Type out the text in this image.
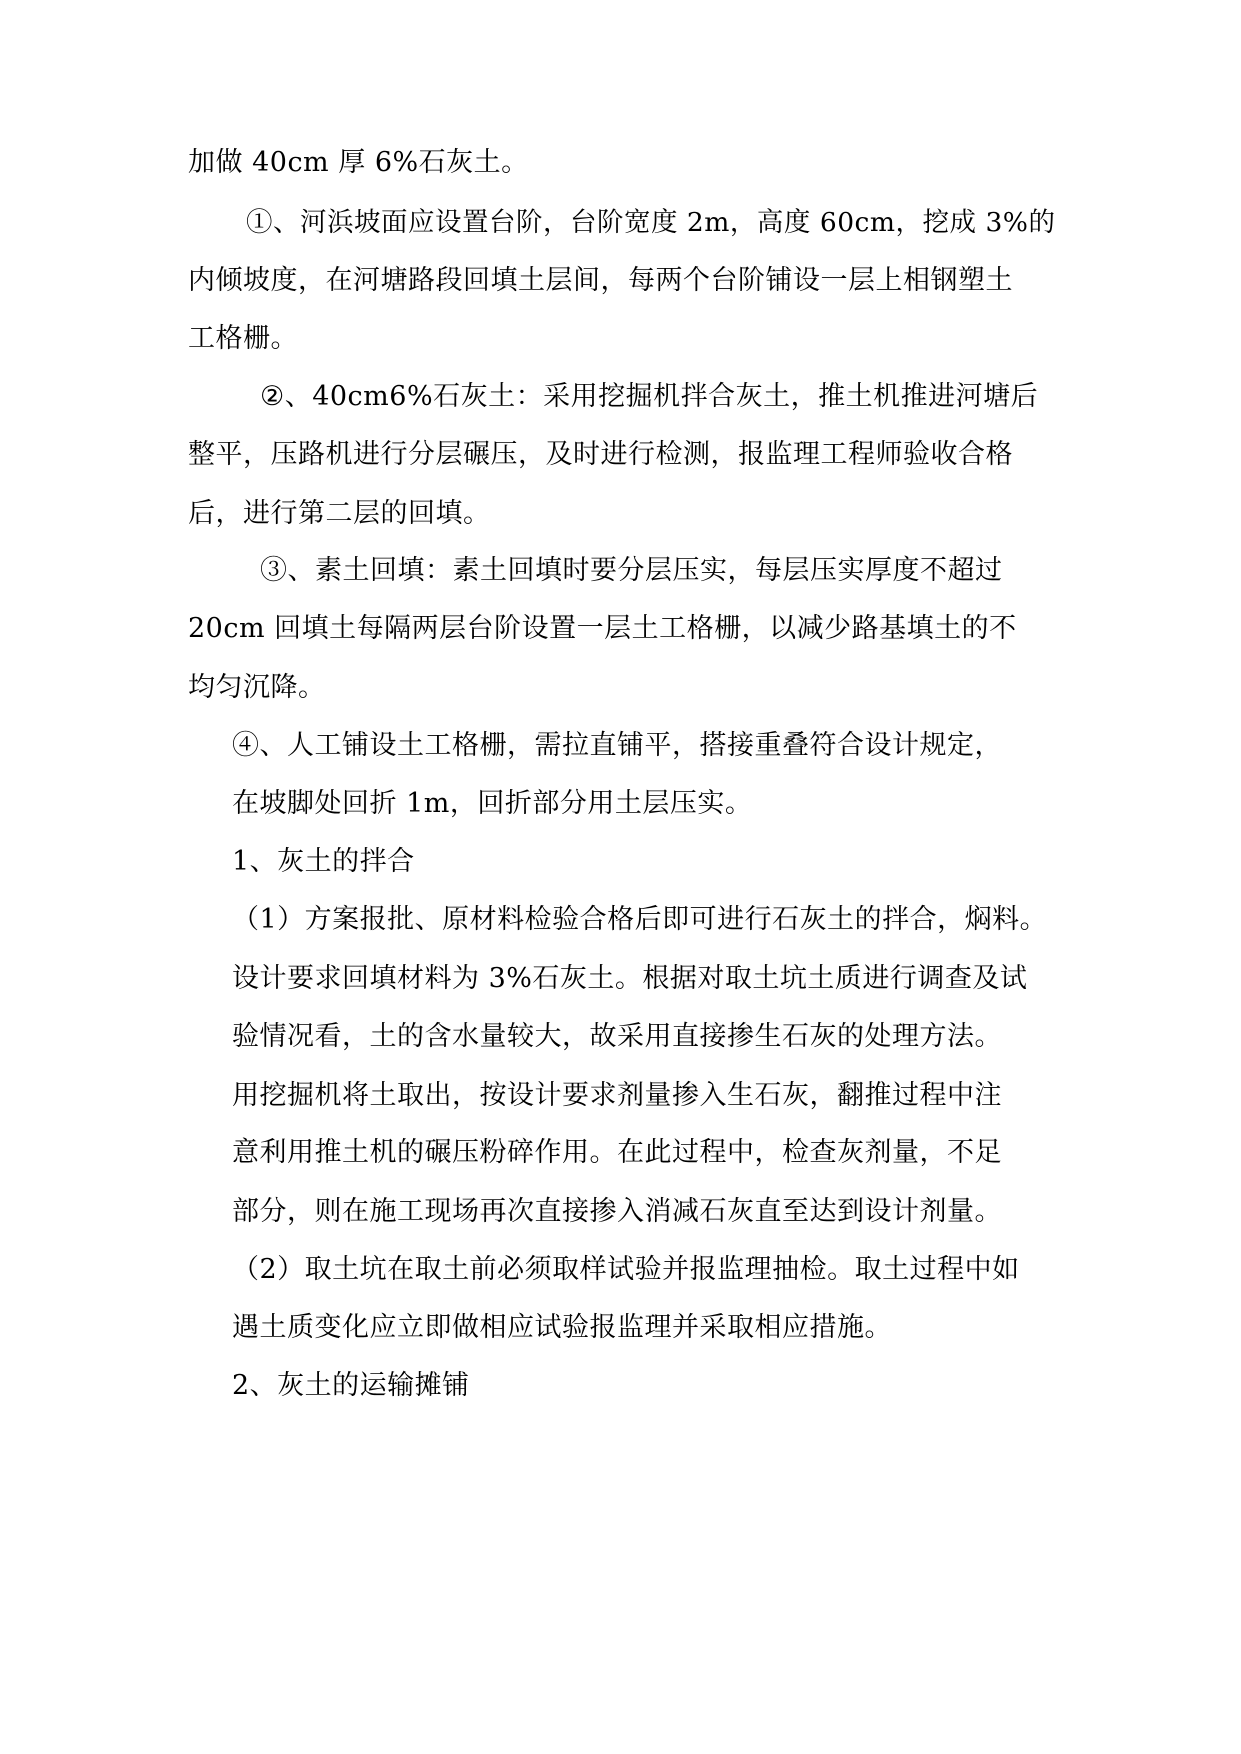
加做 40cm 厚 6%石灰土。
①、河浜坡面应设置台阶，台阶宽度 2m，高度 60cm，挖成 3%的
内倾坡度，在河塘路段回填土层间，每两个台阶铺设一层上相钢塑土
工格栅。
②、40cm6%石灰土：采用挖掘机拌合灰土，推土机推进河塘后
整平，压路机进行分层碾压，及时进行检测，报监理工程师验收合格
后，进行第二层的回填。
③、素土回填：素土回填时要分层压实，每层压实厚度不超过
20cm 回填土每隔两层台阶设置一层土工格栅，以减少路基填土的不
均匀沉降。
④、人工铺设土工格栅，需拉直铺平，搭接重叠符合设计规定，
在坡脚处回折 1m，回折部分用土层压实。
1、灰土的拌合
（1）方案报批、原材料检验合格后即可进行石灰土的拌合，焖料。
设计要求回填材料为 3%石灰土。根据对取土坑土质进行调查及试
验情况看，土的含水量较大，故采用直接掺生石灰的处理方法。
用挖掘机将土取出，按设计要求剂量掺入生石灰，翻推过程中注
意利用推土机的碾压粉碎作用。在此过程中，检查灰剂量，不足
部分，则在施工现场再次直接掺入消减石灰直至达到设计剂量。
（2）取土坑在取土前必须取样试验并报监理抽检。取土过程中如
遇土质变化应立即做相应试验报监理并采取相应措施。
2、灰土的运输摊铺
